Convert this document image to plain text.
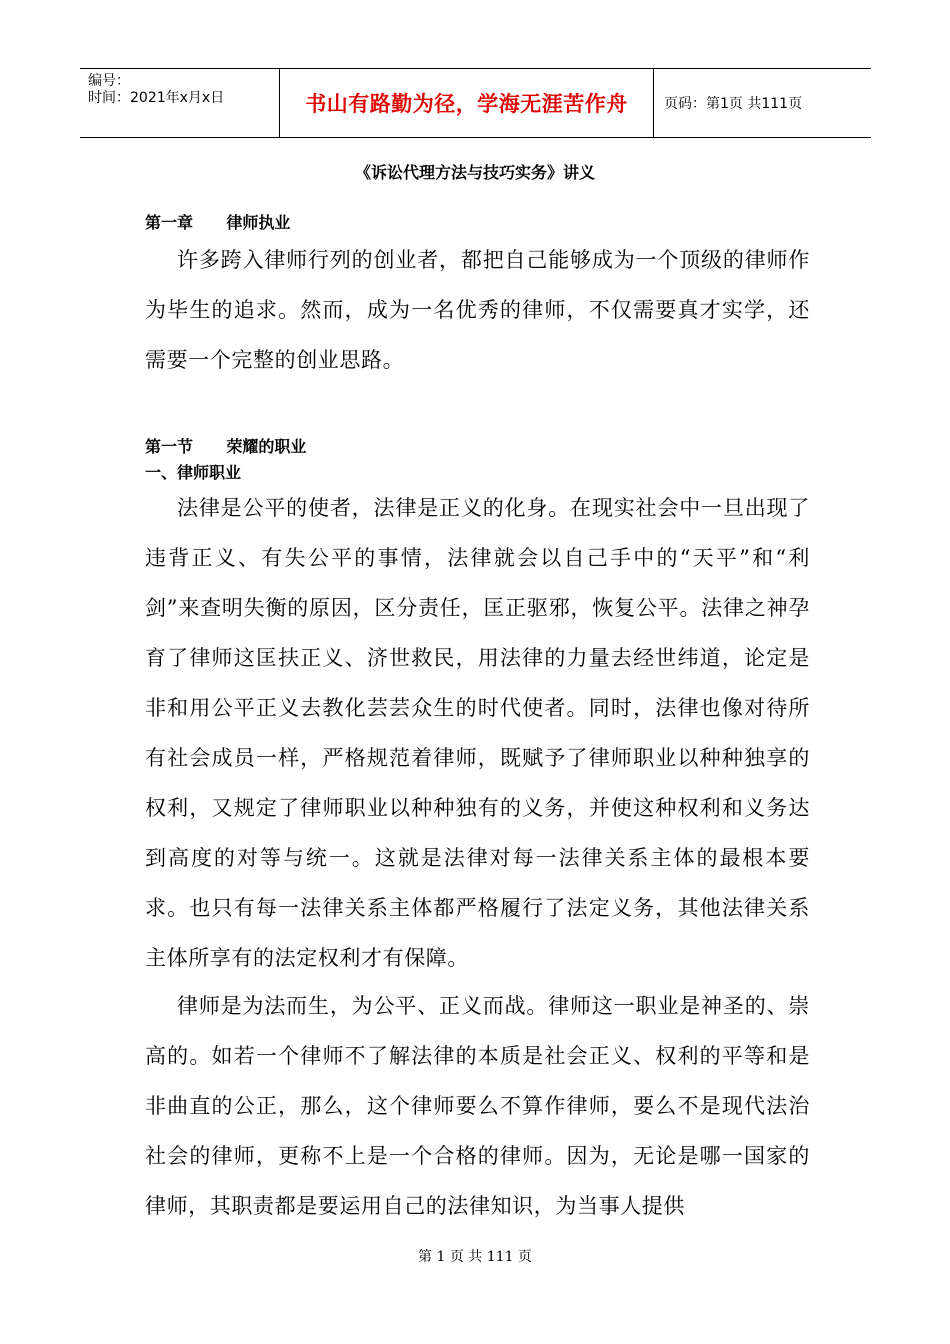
编号：
时间：2021年x月x日	书山有路勤为径，学海无涯苦作舟	页码：第1页 共111页
《诉讼代理方法与技巧实务》讲义
第一章      律师执业

许多跨入律师行列的创业者，都把自己能够成为一个顶级的律师作为毕生的追求。然而，成为一名优秀的律师，不仅需要真才实学，还需要一个完整的创业思路。

第一节      荣耀的职业
一、律师职业

法律是公平的使者，法律是正义的化身。在现实社会中一旦出现了违背正义、有失公平的事情，法律就会以自己手中的“天平”和“利剑”来查明失衡的原因，区分责任，匡正驱邪，恢复公平。法律之神孕育了律师这匡扶正义、济世救民，用法律的力量去经世纬道，论定是非和用公平正义去教化芸芸众生的时代使者。同时，法律也像对待所有社会成员一样，严格规范着律师，既赋予了律师职业以种种独享的权利，又规定了律师职业以种种独有的义务，并使这种权利和义务达到高度的对等与统一。这就是法律对每一法律关系主体的最根本要求。也只有每一法律关系主体都严格履行了法定义务，其他法律关系主体所享有的法定权利才有保障。

律师是为法而生，为公平、正义而战。律师这一职业是神圣的、崇高的。如若一个律师不了解法律的本质是社会正义、权利的平等和是非曲直的公正，那么，这个律师要么不算作律师，要么不是现代法治社会的律师，更称不上是一个合格的律师。因为，无论是哪一国家的律师，其职责都是要运用自己的法律知识，为当事人提供

第 1 页 共 111 页
